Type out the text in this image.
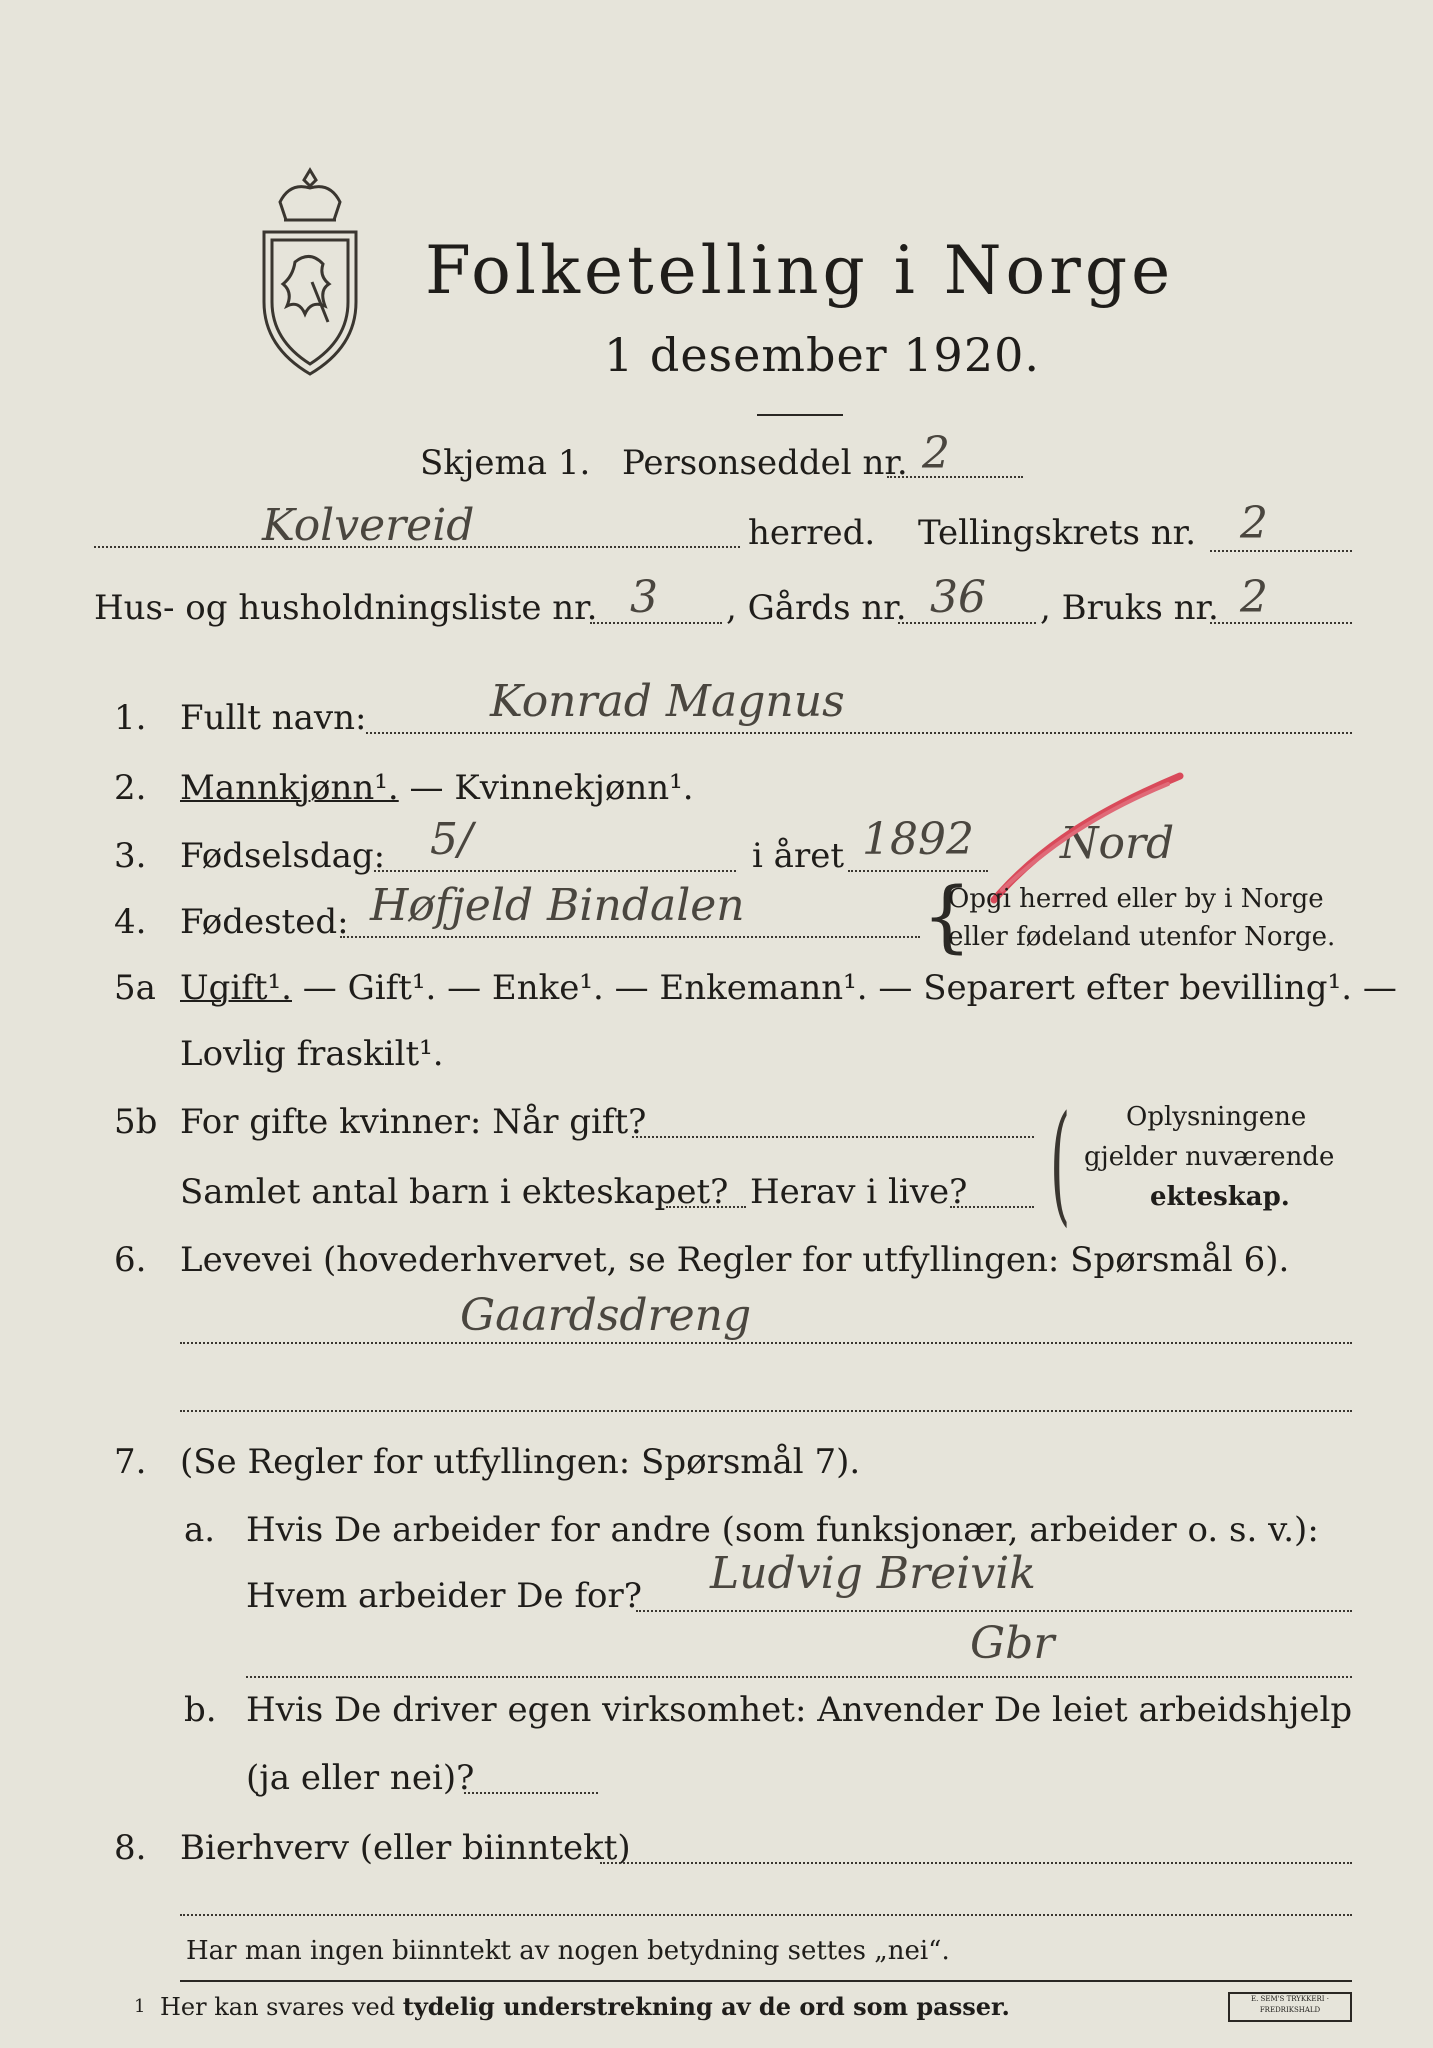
Folketelling i Norge
1 desember 1920.
Skjema 1. Personseddel nr. 2
Kolvereid	herred. Tellingskrets nr. 2
Hus- og husholdningsliste nr. 3 , Gårds nr. 36 , Bruks nr. 2
1. Fullt navn:	Konrad Magnus
2. Mannkjønn¹. — Kvinnekjønn¹.
3. Fødselsdag: 5/	i året 1892 Nord
4. Fødested: Høfjeld Bindalen {
Opgi herred eller by i Norge
eller fødeland utenfor Norge.
5a Ugift¹. — Gift¹. — Enke¹. — Enkemann¹. — Separert efter bevilling¹. —
Lovlig fraskilt¹.
5b For gifte kvinner: Når gift?
Samlet antal barn i ekteskapet? Herav i live? ( Oplysningene
gjelder nuværende
ekteskap.
6. Levevei (hovederhvervet, se Regler for utfyllingen: Spørsmål 6).
Gaardsdreng
7. (Se Regler for utfyllingen: Spørsmål 7).
a. Hvis De arbeider for andre (som funksjonær, arbeider o. s. v.):
Hvem arbeider De for? Ludvig Breivik
Gbr
b. Hvis De driver egen virksomhet: Anvender De leiet arbeidshjelp
(ja eller nei)?
8. Bierhverv (eller biinntekt)
Har man ingen biinntekt av nogen betydning settes „nei“.
1 Her kan svares ved tydelig understrekning av de ord som passer.	E. SEM'S TRYKKERI · FREDRIKSHALD
